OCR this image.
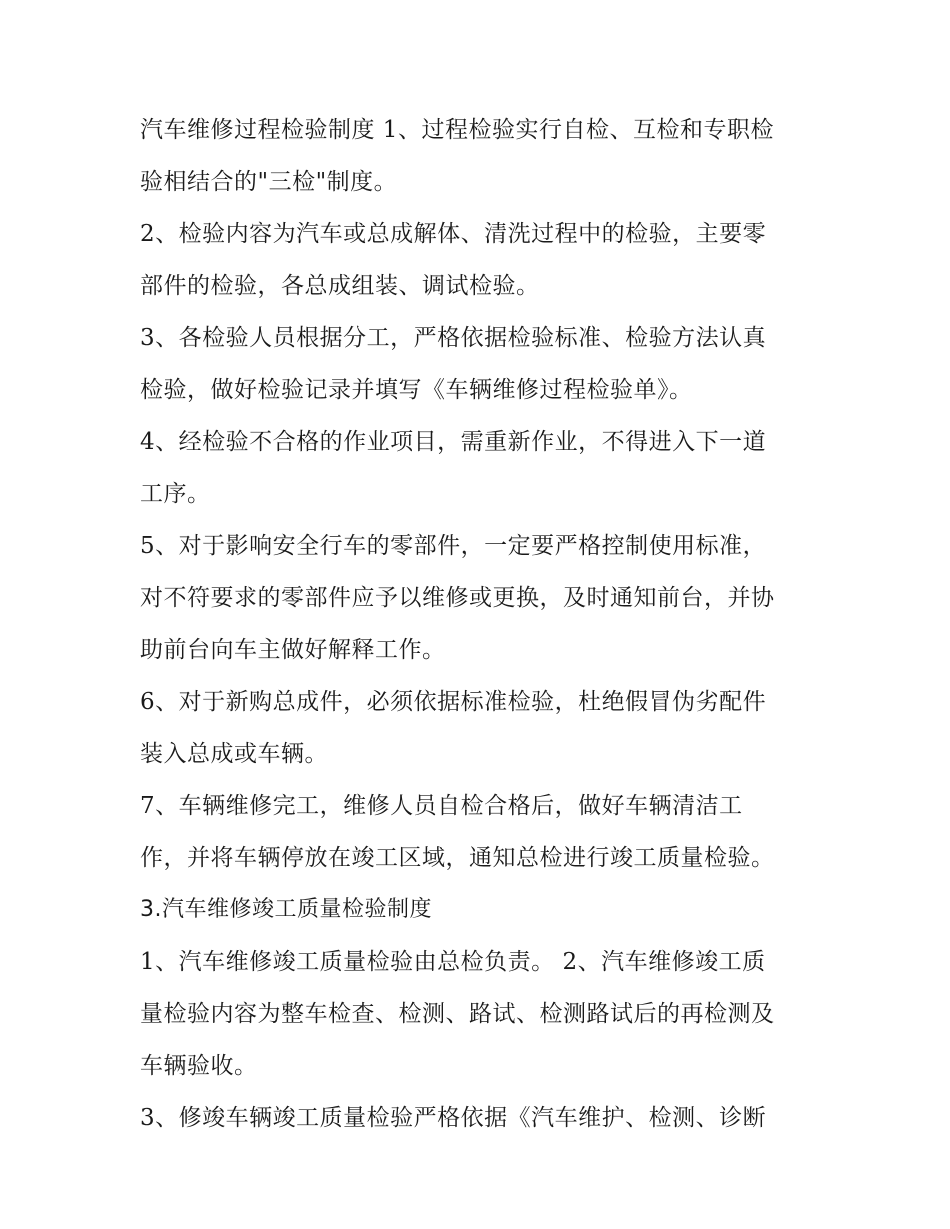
汽车维修过程检验制度 1、过程检验实行自检、互检和专职检
验相结合的"三检"制度。
2、检验内容为汽车或总成解体、清洗过程中的检验，主要零
部件的检验，各总成组装、调试检验。
3、各检验人员根据分工，严格依据检验标准、检验方法认真
检验，做好检验记录并填写《车辆维修过程检验单》。
4、经检验不合格的作业项目，需重新作业，不得进入下一道
工序。
5、对于影响安全行车的零部件，一定要严格控制使用标准，
对不符要求的零部件应予以维修或更换，及时通知前台，并协
助前台向车主做好解释工作。
6、对于新购总成件，必须依据标准检验，杜绝假冒伪劣配件
装入总成或车辆。
7、车辆维修完工，维修人员自检合格后，做好车辆清洁工
作，并将车辆停放在竣工区域，通知总检进行竣工质量检验。
3.汽车维修竣工质量检验制度
1、汽车维修竣工质量检验由总检负责。 2、汽车维修竣工质
量检验内容为整车检查、检测、路试、检测路试后的再检测及
车辆验收。
3、修竣车辆竣工质量检验严格依据《汽车维护、检测、诊断
